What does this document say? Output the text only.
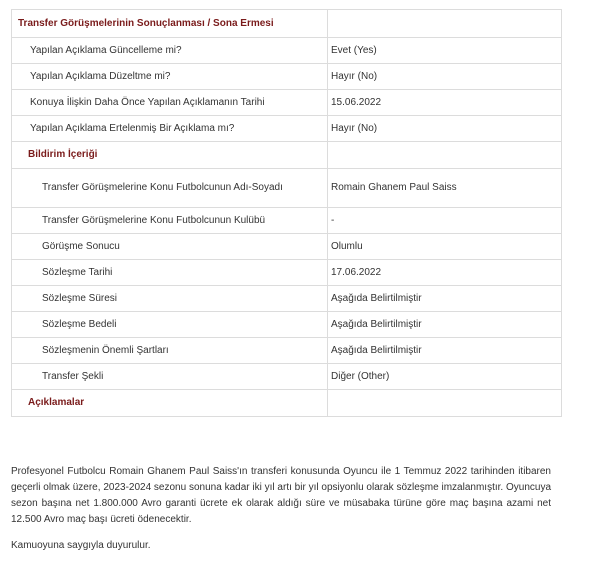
Transfer Görüşmelerinin Sonuçlanması / Sona Ermesi	
Yapılan Açıklama Güncelleme mi?	Evet (Yes)
Yapılan Açıklama Düzeltme mi?	Hayır (No)
Konuya İlişkin Daha Önce Yapılan Açıklamanın Tarihi	15.06.2022
Yapılan Açıklama Ertelenmiş Bir Açıklama mı?	Hayır (No)
Bildirim İçeriği	
Transfer Görüşmelerine Konu Futbolcunun Adı-Soyadı	Romain Ghanem Paul Saiss
Transfer Görüşmelerine Konu Futbolcunun Kulübü	-
Görüşme Sonucu	Olumlu
Sözleşme Tarihi	17.06.2022
Sözleşme Süresi	Aşağıda Belirtilmiştir
Sözleşme Bedeli	Aşağıda Belirtilmiştir
Sözleşmenin Önemli Şartları	Aşağıda Belirtilmiştir
Transfer Şekli	Diğer (Other)
Açıklamalar	

Profesyonel Futbolcu Romain Ghanem Paul Saiss'ın transferi konusunda Oyuncu ile 1 Temmuz 2022 tarihinden itibaren geçerli olmak üzere, 2023-2024 sezonu sonuna kadar iki yıl artı bir yıl opsiyonlu olarak sözleşme imzalanmıştır. Oyuncuya sezon başına net 1.800.000 Avro garanti ücrete ek olarak aldığı süre ve müsabaka türüne göre maç başına azami net 12.500 Avro maç başı ücreti ödenecektir.

Kamuoyuna saygıyla duyurulur.
